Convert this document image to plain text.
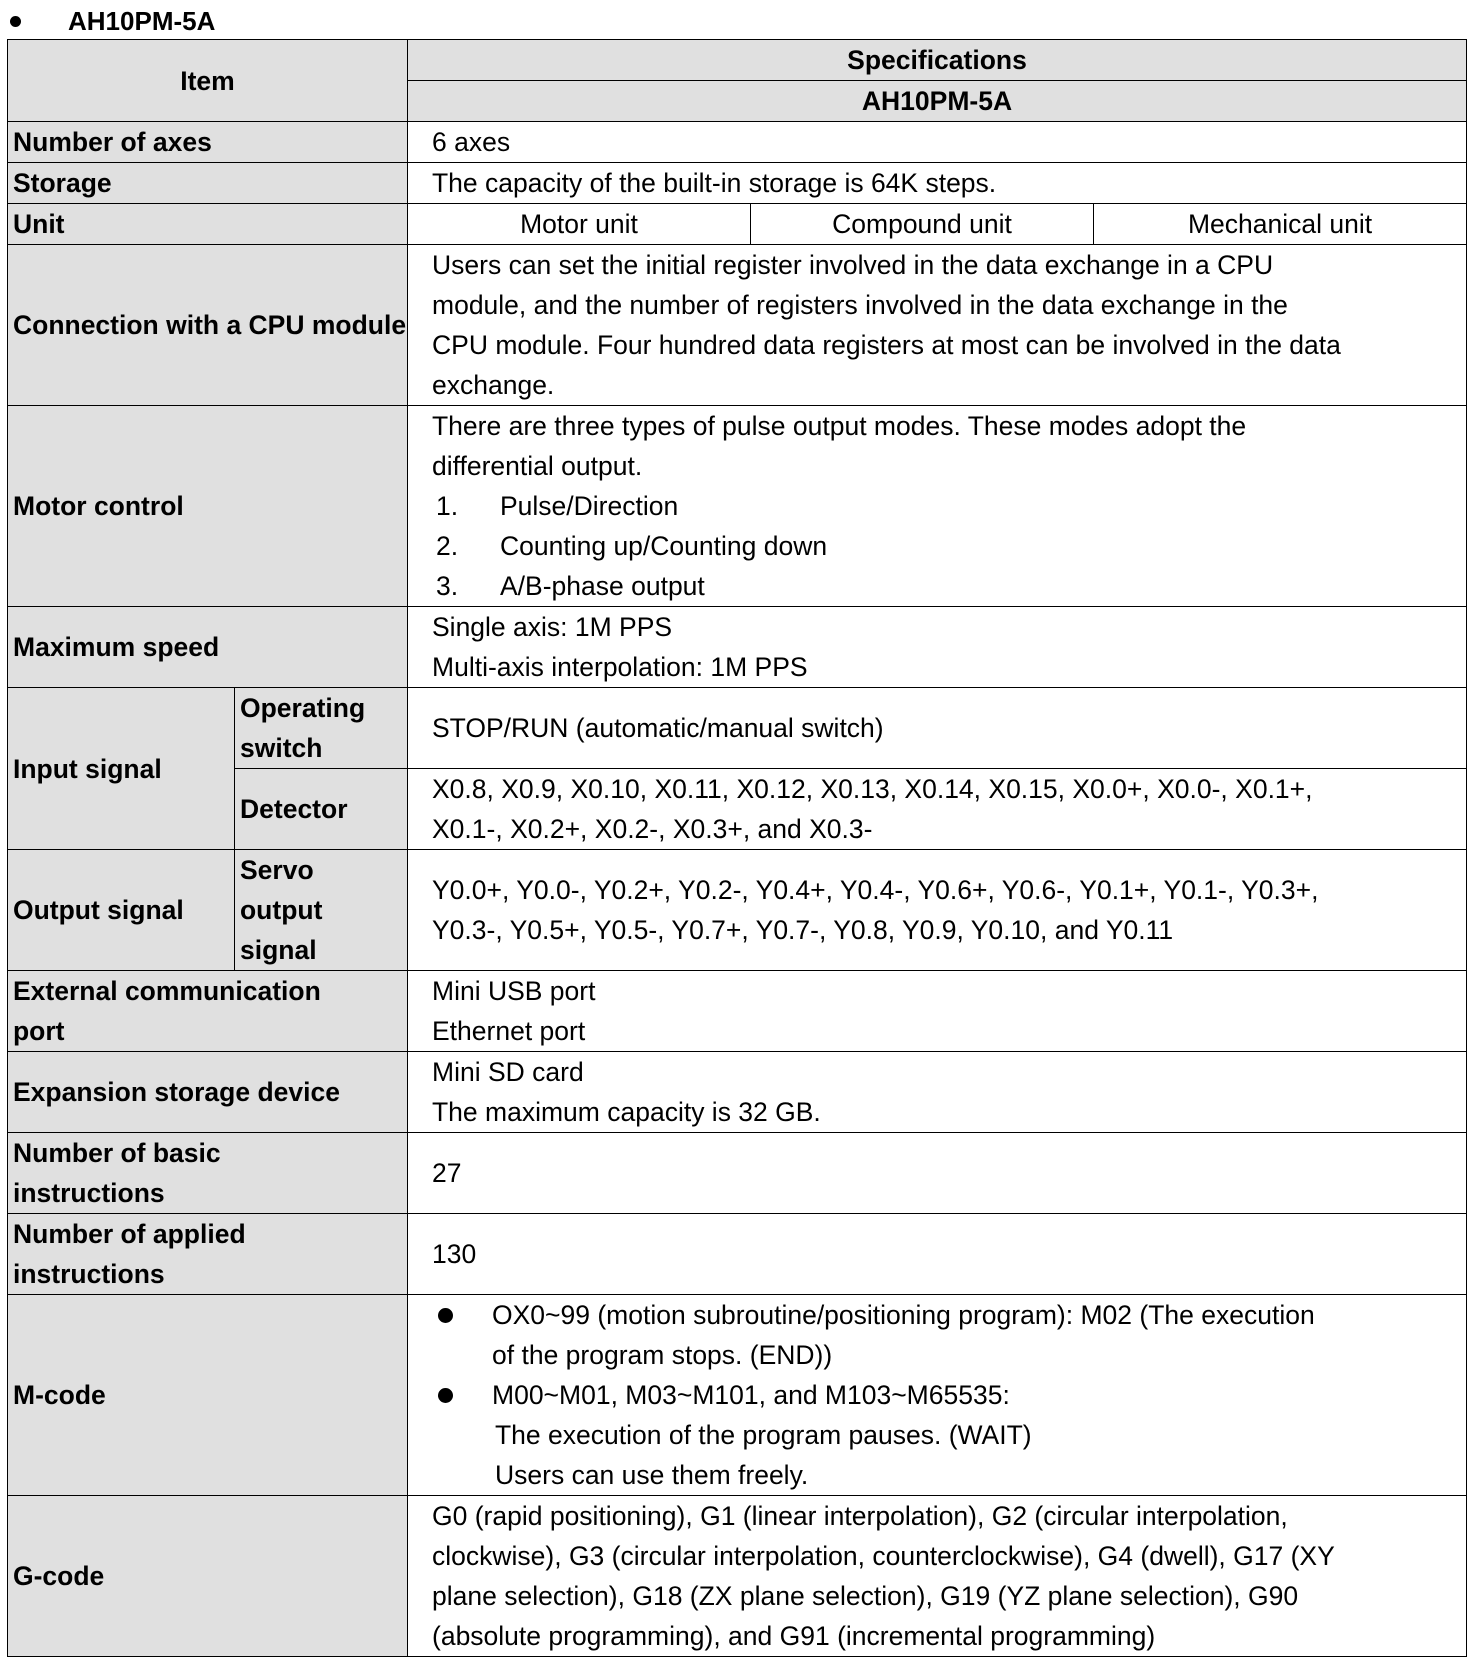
AH10PM-5A
Item		Specifications		
		AH10PM-5A		
Number of axes		6 axes		
Storage		The capacity of the built-in storage is 64K steps.		
Unit		Motor unit	Compound unit	Mechanical unit
Connection with a CPU module		Users can set the initial register involved in the data exchange in a CPU
module, and the number of registers involved in the data exchange in the
CPU module. Four hundred data registers at most can be involved in the data
exchange.		

Motor control		There are three types of pulse output modes. These modes adopt the
differential output.
1. Pulse/Direction
2. Counting up/Counting down
3. A/B-phase output		

Maximum speed		Single axis: 1M PPS
Multi-axis interpolation: 1M PPS		

Input signal	Operating
switch	STOP/RUN (automatic/manual switch)		
	Detector	X0.8, X0.9, X0.10, X0.11, X0.12, X0.13, X0.14, X0.15, X0.0+, X0.0-, X0.1+,
X0.1-, X0.2+, X0.2-, X0.3+, and X0.3-		

Output signal	Servo
output
signal	Y0.0+, Y0.0-, Y0.2+, Y0.2-, Y0.4+, Y0.4-, Y0.6+, Y0.6-, Y0.1+, Y0.1-, Y0.3+,
Y0.3-, Y0.5+, Y0.5-, Y0.7+, Y0.7-, Y0.8, Y0.9, Y0.10, and Y0.11		

External communication
port		Mini USB port
Ethernet port		

Expansion storage device		Mini SD card
The maximum capacity is 32 GB.		

Number of basic
instructions		27		

Number of applied
instructions		130		
M-code		OX0~99 (motion subroutine/positioning program): M02 (The execution
of the program stops. (END))
M00~M01, M03~M101, and M103~M65535:
The execution of the program pauses. (WAIT)
Users can use them freely.		

G-code		G0 (rapid positioning), G1 (linear interpolation), G2 (circular interpolation,
clockwise), G3 (circular interpolation, counterclockwise), G4 (dwell), G17 (XY
plane selection), G18 (ZX plane selection), G19 (YZ plane selection), G90
(absolute programming), and G91 (incremental programming)		
